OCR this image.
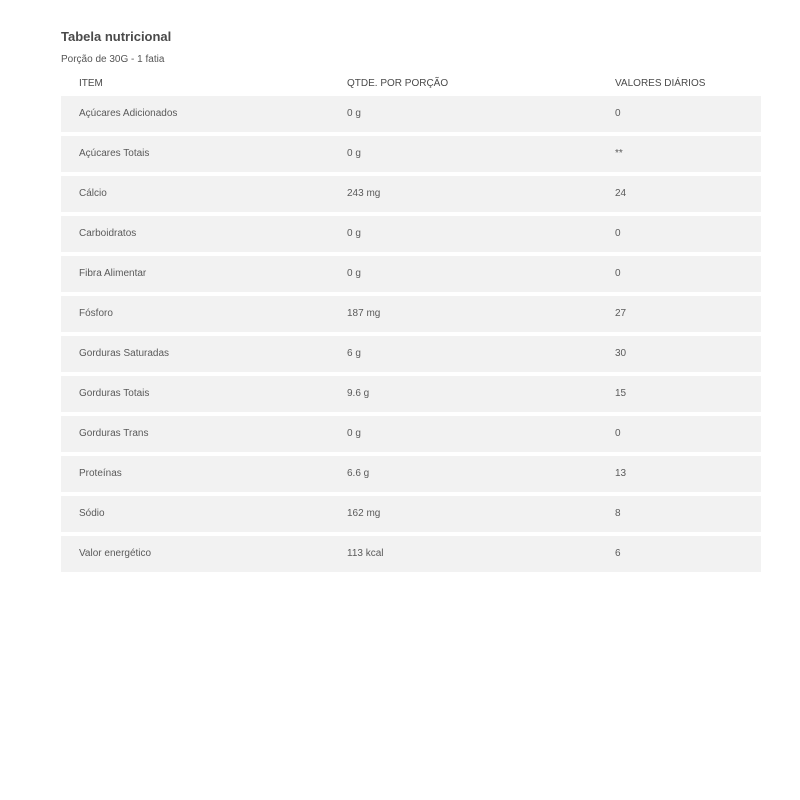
Tabela nutricional
Porção de 30G - 1 fatia
ITEM	QTDE. POR PORÇÃO	VALORES DIÁRIOS
Açúcares Adicionados	0 g	0
Açúcares Totais	0 g	**
Cálcio	243 mg	24
Carboidratos	0 g	0
Fibra Alimentar	0 g	0
Fósforo	187 mg	27
Gorduras Saturadas	6 g	30
Gorduras Totais	9.6 g	15
Gorduras Trans	0 g	0
Proteínas	6.6 g	13
Sódio	162 mg	8
Valor energético	113 kcal	6
